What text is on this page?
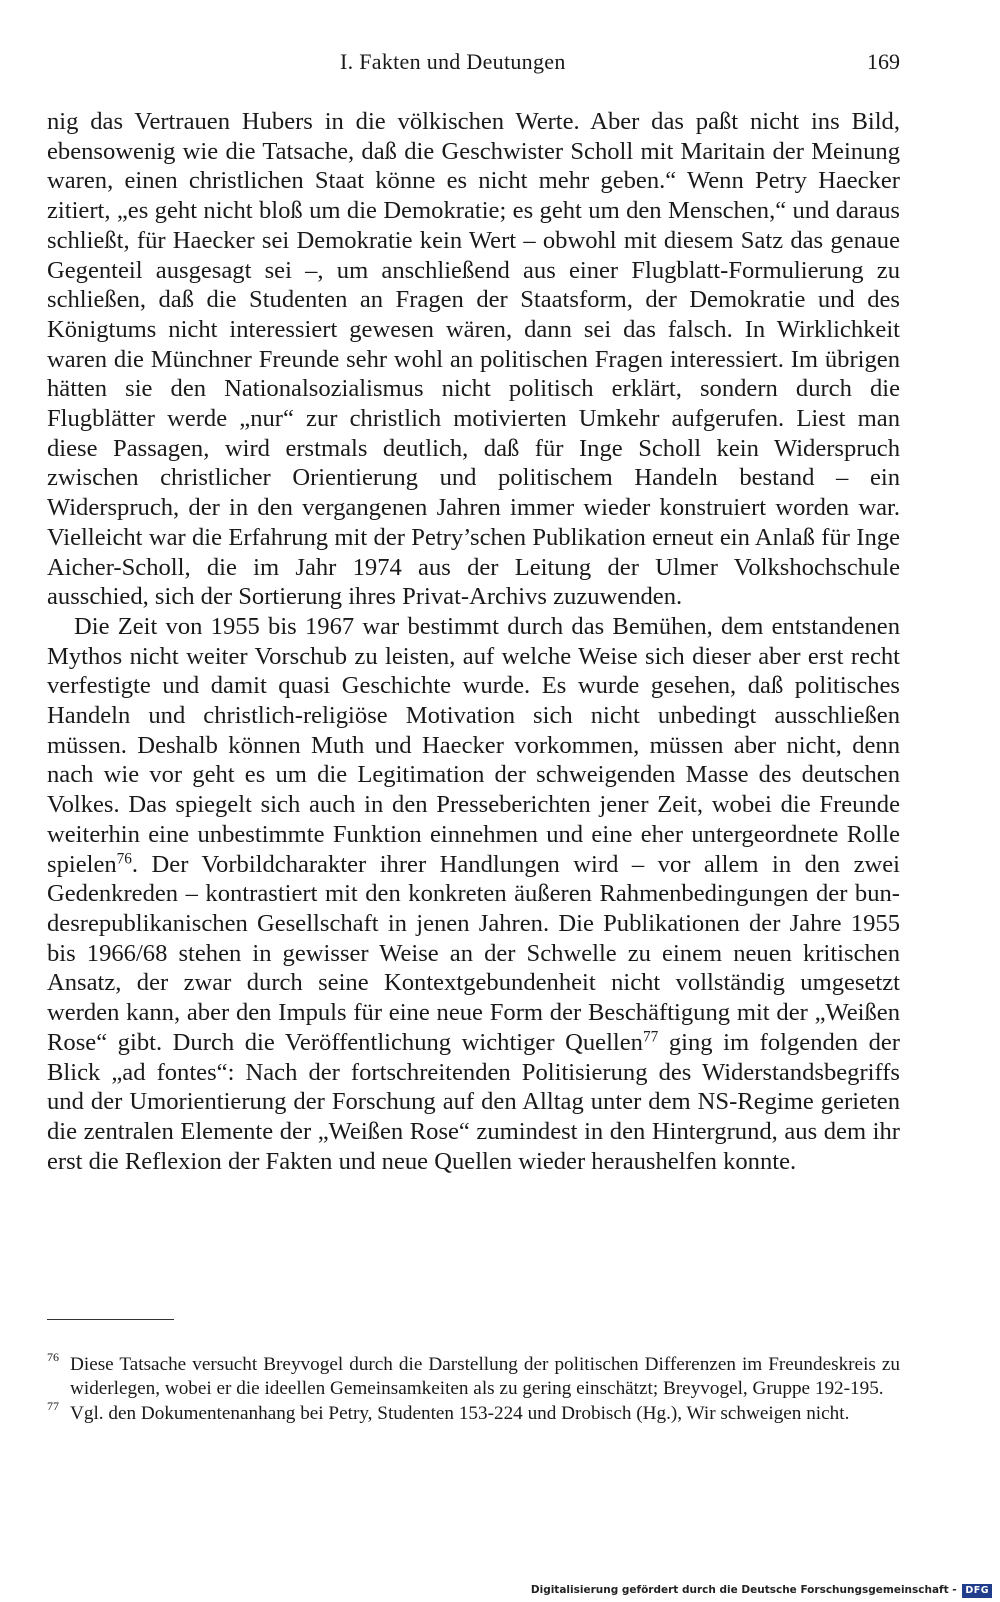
I. Fakten und Deutungen	169

nig das Vertrauen Hubers in die völkischen Werte. Aber das paßt nicht ins Bild, ebensowenig wie die Tatsache, daß die Geschwister Scholl mit Maritain der Meinung waren, einen christlichen Staat könne es nicht mehr geben.“ Wenn Petry Haecker zitiert, „es geht nicht bloß um die Demokratie; es geht um den Menschen,“ und daraus schließt, für Haecker sei Demokratie kein Wert – obwohl mit diesem Satz das genaue Gegenteil ausgesagt sei –, um anschließend aus einer Flugblatt-Formulierung zu schließen, daß die Studenten an Fragen der Staatsform, der Demokratie und des Königtums nicht interessiert gewesen wären, dann sei das falsch. In Wirklichkeit waren die Münchner Freunde sehr wohl an politischen Fragen interessiert. Im übrigen hätten sie den Nationalsozialismus nicht politisch erklärt, sondern durch die Flugblätter werde „nur“ zur christlich motivierten Umkehr aufgerufen. Liest man diese Passagen, wird erstmals deutlich, daß für Inge Scholl kein Widerspruch zwischen christlicher Orientierung und politischem Handeln bestand – ein Widerspruch, der in den vergangenen Jahren immer wieder konstruiert worden war. Vielleicht war die Erfahrung mit der Petry’schen Publikation erneut ein Anlaß für Inge Aicher-Scholl, die im Jahr 1974 aus der Leitung der Ulmer Volkshochschule ausschied, sich der Sortierung ihres Privat-Archivs zuzuwenden.

Die Zeit von 1955 bis 1967 war bestimmt durch das Bemühen, dem entstandenen Mythos nicht weiter Vorschub zu leisten, auf welche Weise sich dieser aber erst recht verfestigte und damit quasi Geschichte wurde. Es wurde gesehen, daß politisches Handeln und christlich-religiöse Motivation sich nicht unbedingt ausschließen müssen. Deshalb können Muth und Haecker vorkommen, müssen aber nicht, denn nach wie vor geht es um die Legitimation der schweigenden Masse des deutschen Volkes. Das spiegelt sich auch in den Presseberichten jener Zeit, wobei die Freunde weiterhin eine unbestimmte Funktion einnehmen und eine eher untergeordnete Rolle spielen$^{76}$. Der Vorbildcharakter ihrer Handlungen wird – vor allem in den zwei Gedenkreden – kontrastiert mit den konkreten äußeren Rahmenbedingungen der bundesrepublikanischen Gesellschaft in jenen Jahren. Die Publikationen der Jahre 1955 bis 1966/68 stehen in gewisser Weise an der Schwelle zu einem neuen kritischen Ansatz, der zwar durch seine Kontextgebundenheit nicht vollständig umgesetzt werden kann, aber den Impuls für eine neue Form der Beschäftigung mit der „Weißen Rose“ gibt. Durch die Veröffentlichung wichtiger Quellen$^{77}$ ging im folgenden der Blick „ad fontes“: Nach der fortschreitenden Politisierung des Widerstandsbegriffs und der Umorientierung der Forschung auf den Alltag unter dem NS-Regime gerieten die zentralen Elemente der „Weißen Rose“ zumindest in den Hintergrund, aus dem ihr erst die Reflexion der Fakten und neue Quellen wieder heraushelfen konnte.

76 Diese Tatsache versucht Breyvogel durch die Darstellung der politischen Differenzen im Freundeskreis zu widerlegen, wobei er die ideellen Gemeinsamkeiten als zu gering einschätzt; Breyvogel, Gruppe 192-195.
77 Vgl. den Dokumentenanhang bei Petry, Studenten 153-224 und Drobisch (Hg.), Wir schweigen nicht.
Digitalisierung gefördert durch die Deutsche Forschungsgemeinschaft - DFG
